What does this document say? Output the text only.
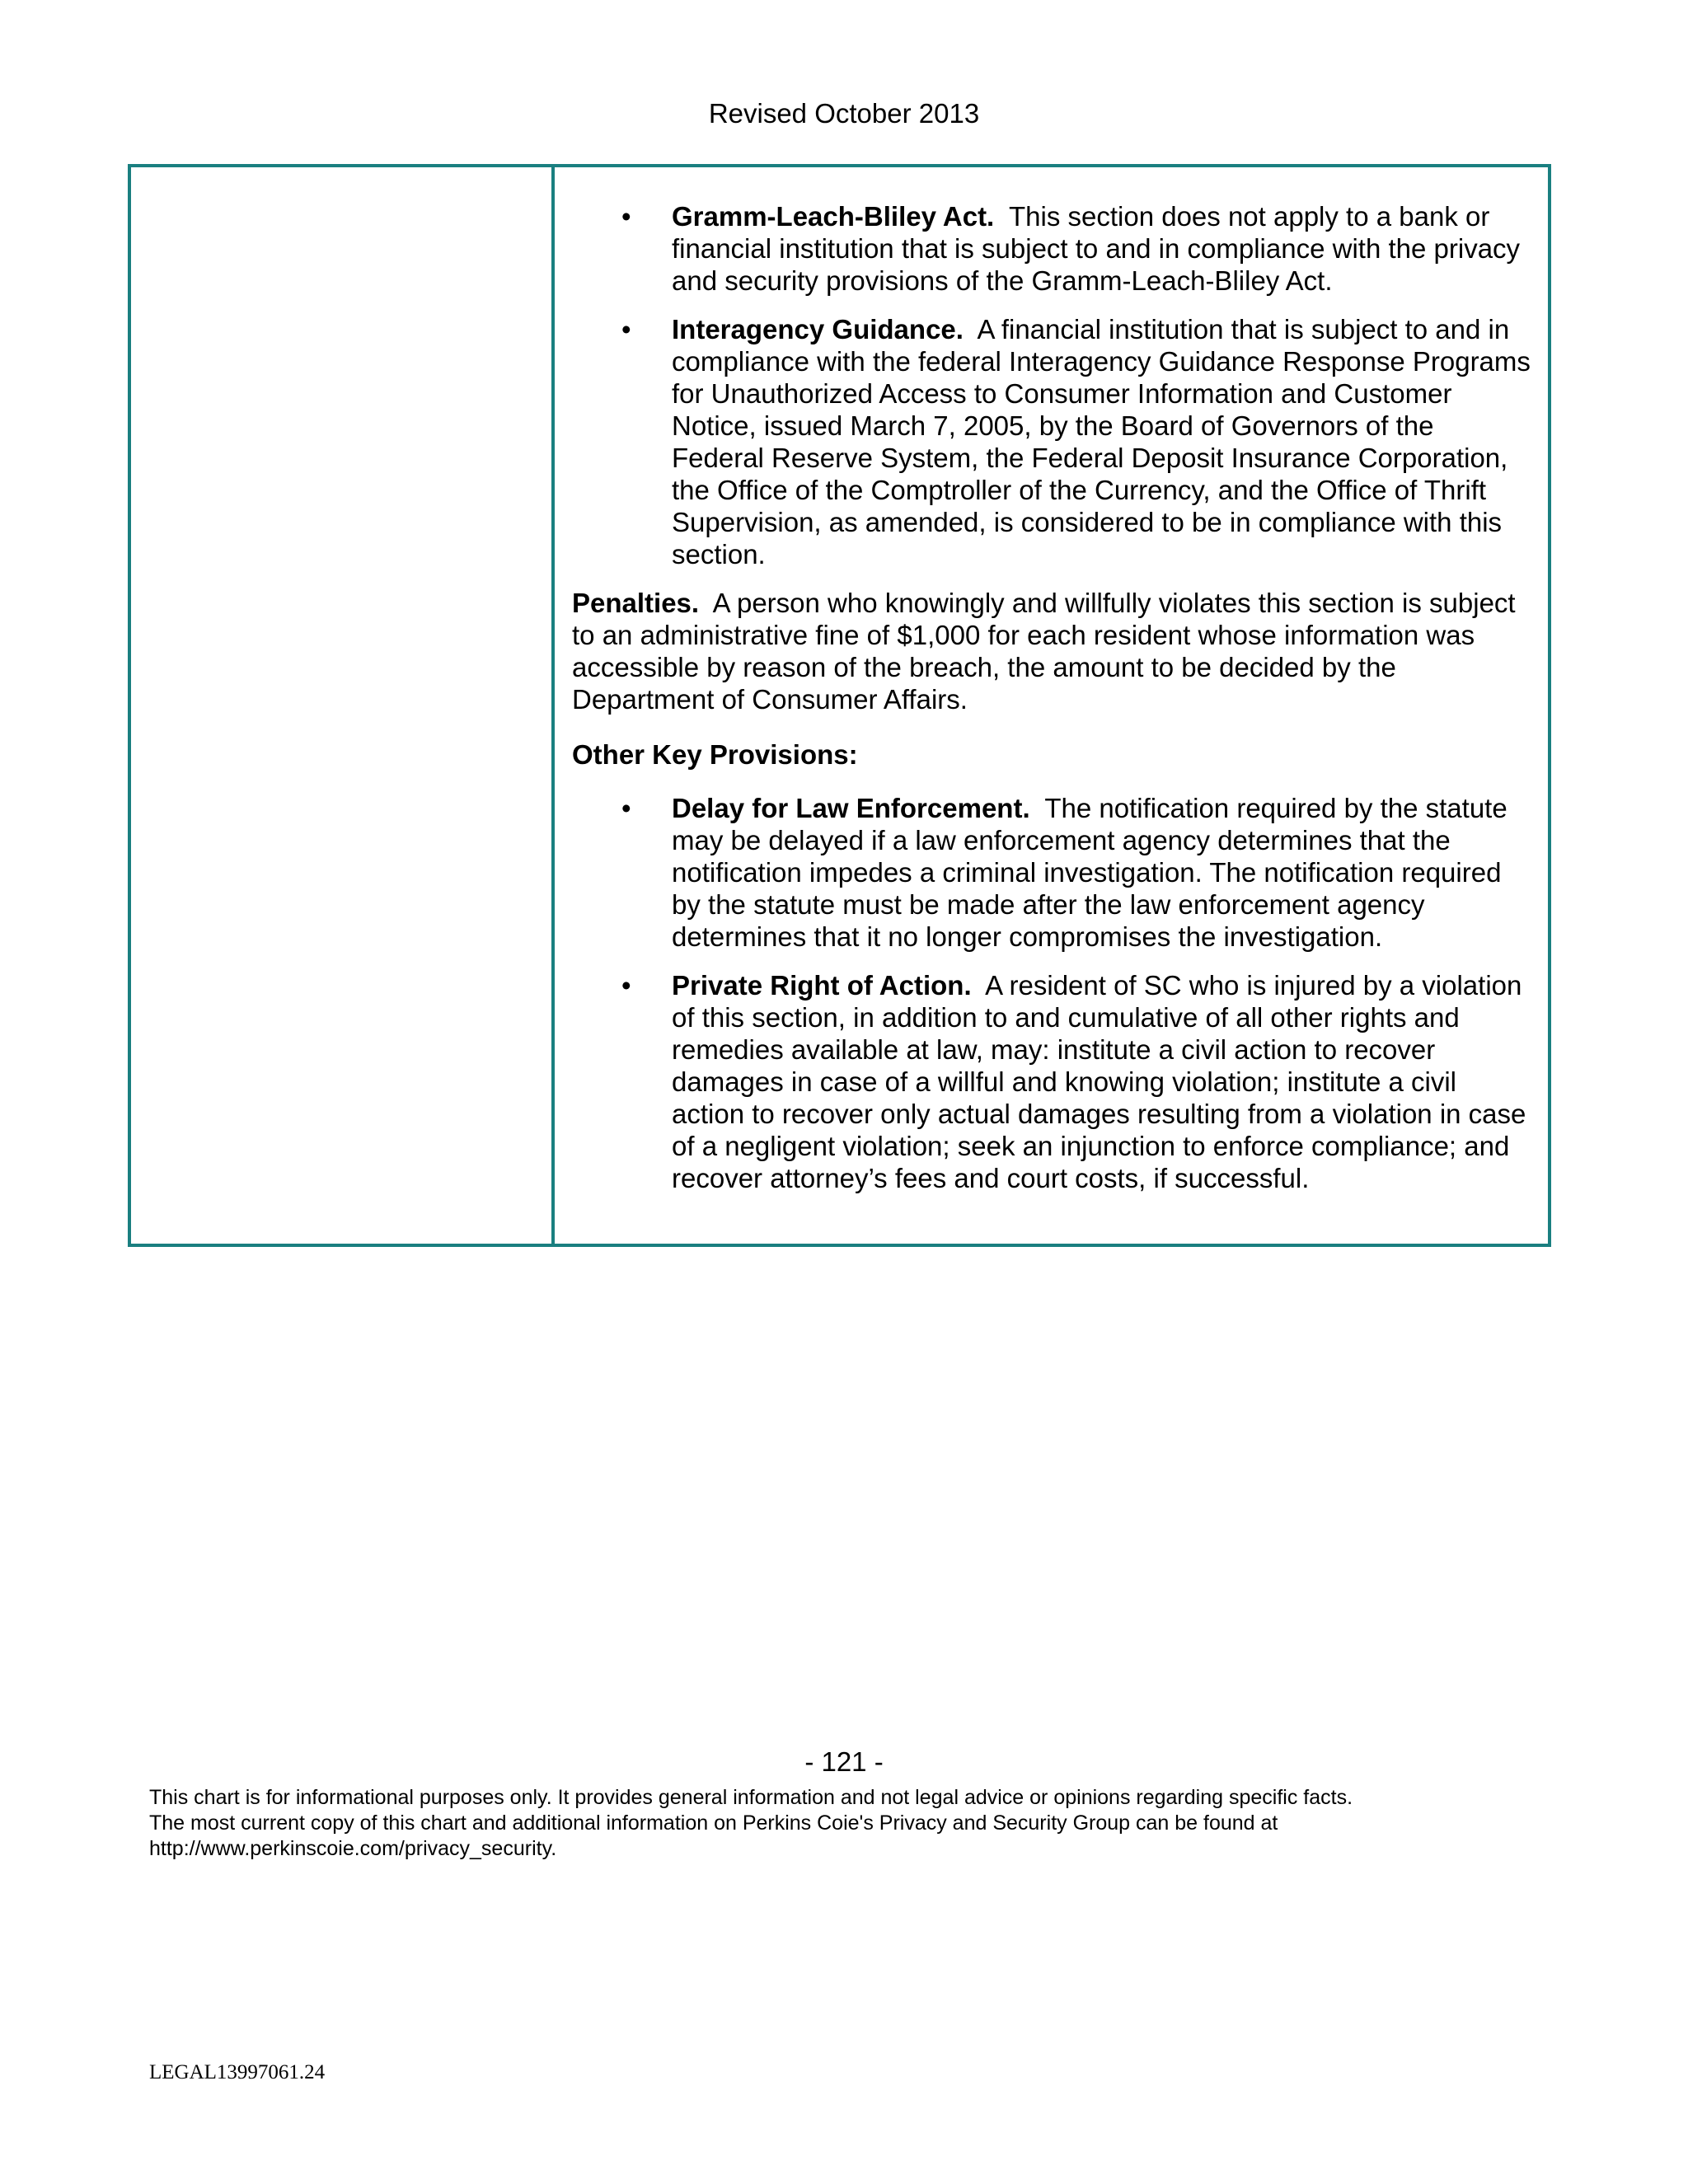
Revised October 2013
•	Gramm-Leach-Bliley Act. This section does not apply to a bank or financial institution that is subject to and in compliance with the privacy and security provisions of the Gramm-Leach-Bliley Act.
•	Interagency Guidance. A financial institution that is subject to and in compliance with the federal Interagency Guidance Response Programs for Unauthorized Access to Consumer Information and Customer Notice, issued March 7, 2005, by the Board of Governors of the Federal Reserve System, the Federal Deposit Insurance Corporation, the Office of the Comptroller of the Currency, and the Office of Thrift Supervision, as amended, is considered to be in compliance with this section.

Penalties. A person who knowingly and willfully violates this section is subject to an administrative fine of $1,000 for each resident whose information was accessible by reason of the breach, the amount to be decided by the Department of Consumer Affairs.

Other Key Provisions:
•	Delay for Law Enforcement. The notification required by the statute may be delayed if a law enforcement agency determines that the notification impedes a criminal investigation. The notification required by the statute must be made after the law enforcement agency determines that it no longer compromises the investigation.
•	Private Right of Action. A resident of SC who is injured by a violation of this section, in addition to and cumulative of all other rights and remedies available at law, may: institute a civil action to recover damages in case of a willful and knowing violation; institute a civil action to recover only actual damages resulting from a violation in case of a negligent violation; seek an injunction to enforce compliance; and recover attorney’s fees and court costs, if successful.
- 121 -
This chart is for informational purposes only. It provides general information and not legal advice or opinions regarding specific facts.
The most current copy of this chart and additional information on Perkins Coie's Privacy and Security Group can be found at
http://www.perkinscoie.com/privacy_security.
LEGAL13997061.24
